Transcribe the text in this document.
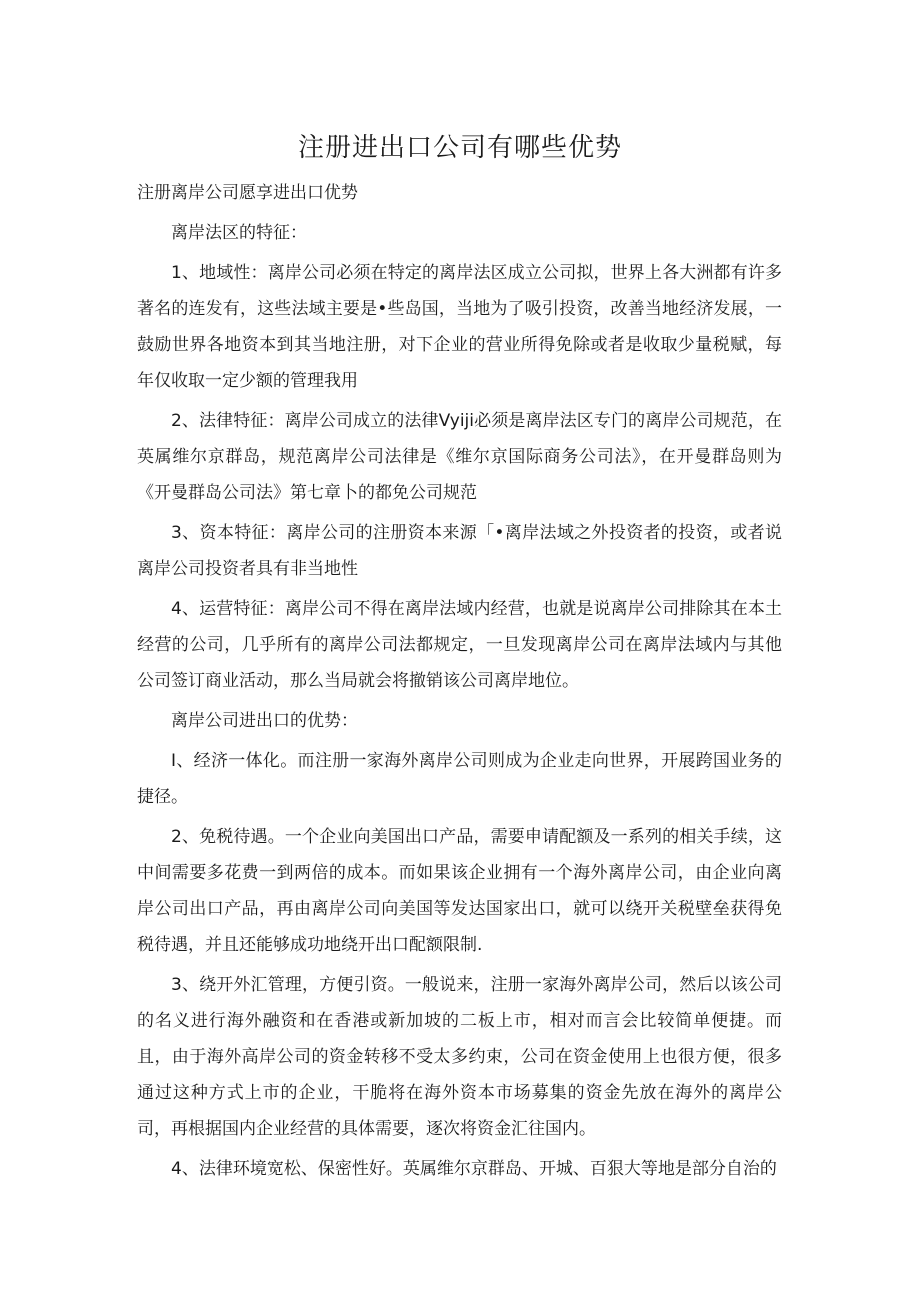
注册进出口公司有哪些优势

注册离岸公司愿享进出口优势

离岸法区的特征：

1、地域性：离岸公司必须在特定的离岸法区成立公司拟，世界上各大洲都有许多著名的连发有，这些法域主要是•些岛国，当地为了吸引投资，改善当地经济发展，一鼓励世界各地资本到其当地注册，对下企业的营业所得免除或者是收取少量税赋，每年仅收取一定少额的管理我用

2、法律特征：离岸公司成立的法律Vyiji必须是离岸法区专门的离岸公司规范，在英属维尔京群岛，规范离岸公司法律是《维尔京国际商务公司法》，在开曼群岛则为《开曼群岛公司法》第七章卜的都免公司规范

3、资本特征：离岸公司的注册资本来源「•离岸法域之外投资者的投资，或者说离岸公司投资者具有非当地性

4、运营特征：离岸公司不得在离岸法域内经营，也就是说离岸公司排除其在本土经营的公司，几乎所有的离岸公司法都规定，一旦发现离岸公司在离岸法域内与其他公司签订商业活动，那么当局就会将撤销该公司离岸地位。

离岸公司进出口的优势：

I、经济一体化。而注册一家海外离岸公司则成为企业走向世界，开展跨国业务的捷径。

2、免税待遇。一个企业向美国出口产品，需要申请配额及一系列的相关手续，这中间需要多花费一到两倍的成本。而如果该企业拥有一个海外离岸公司，由企业向离岸公司出口产品，再由离岸公司向美国等发达国家出口，就可以绕开关税壁垒获得免税待遇，并且还能够成功地绕开出口配额限制.

3、绕开外汇管理，方便引资。一般说来，注册一家海外离岸公司，然后以该公司的名义进行海外融资和在香港或新加坡的二板上市，相对而言会比较简单便捷。而且，由于海外高岸公司的资金转移不受太多约束，公司在资金使用上也很方便，很多通过这种方式上市的企业，干脆将在海外资本市场募集的资金先放在海外的离岸公司，再根据国内企业经营的具体需要，逐次将资金汇往国内。

4、法律环境宽松、保密性好。英属维尔京群岛、开城、百狠大等地是部分自治的
